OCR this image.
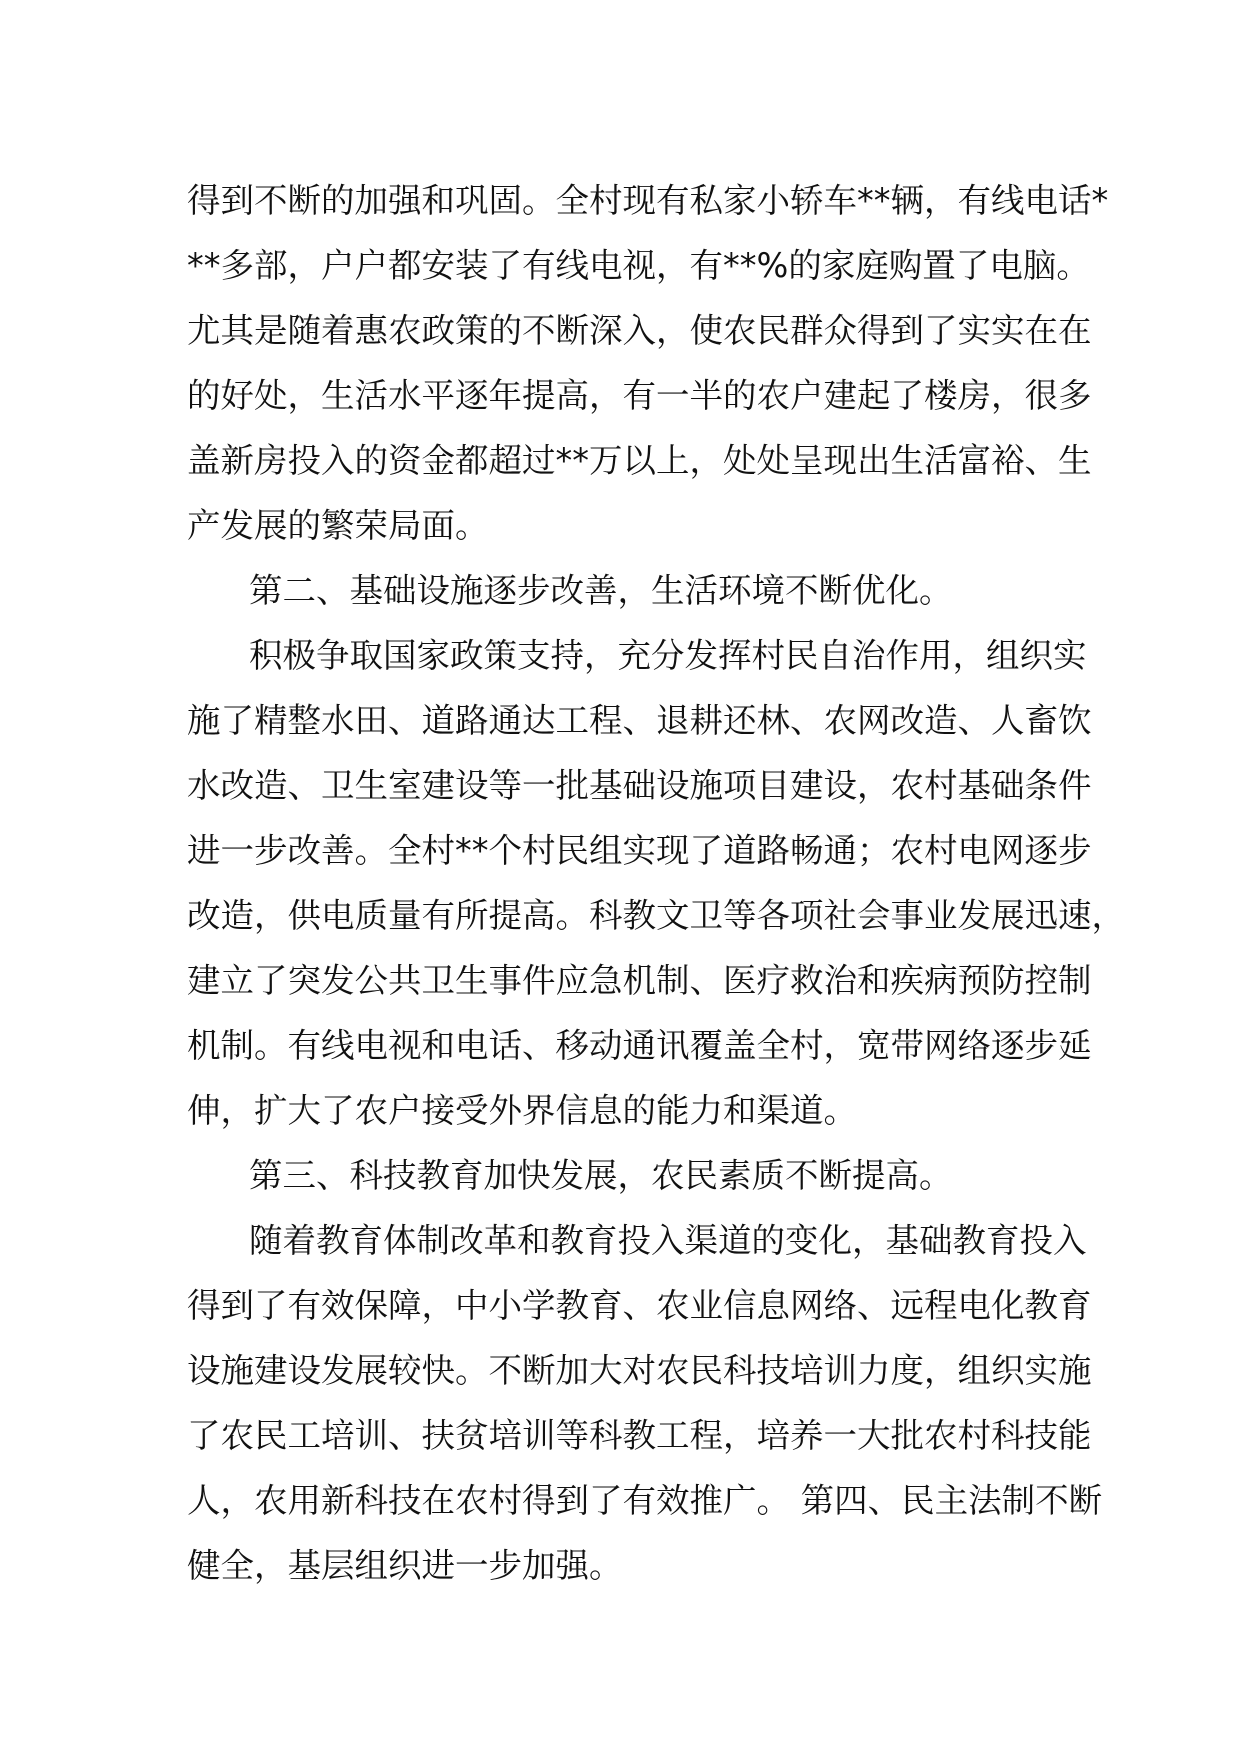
得到不断的加强和巩固。全村现有私家小轿车**辆，有线电话*
**多部，户户都安装了有线电视，有**%的家庭购置了电脑。
尤其是随着惠农政策的不断深入，使农民群众得到了实实在在
的好处，生活水平逐年提高，有一半的农户建起了楼房，很多
盖新房投入的资金都超过**万以上，处处呈现出生活富裕、生
产发展的繁荣局面。
第二、基础设施逐步改善，生活环境不断优化。
积极争取国家政策支持，充分发挥村民自治作用，组织实
施了精整水田、道路通达工程、退耕还林、农网改造、人畜饮
水改造、卫生室建设等一批基础设施项目建设，农村基础条件
进一步改善。全村**个村民组实现了道路畅通；农村电网逐步
改造，供电质量有所提高。科教文卫等各项社会事业发展迅速，
建立了突发公共卫生事件应急机制、医疗救治和疾病预防控制
机制。有线电视和电话、移动通讯覆盖全村，宽带网络逐步延
伸，扩大了农户接受外界信息的能力和渠道。
第三、科技教育加快发展，农民素质不断提高。
随着教育体制改革和教育投入渠道的变化，基础教育投入
得到了有效保障，中小学教育、农业信息网络、远程电化教育
设施建设发展较快。不断加大对农民科技培训力度，组织实施
了农民工培训、扶贫培训等科教工程，培养一大批农村科技能
人，农用新科技在农村得到了有效推广。 第四、民主法制不断
健全，基层组织进一步加强。
